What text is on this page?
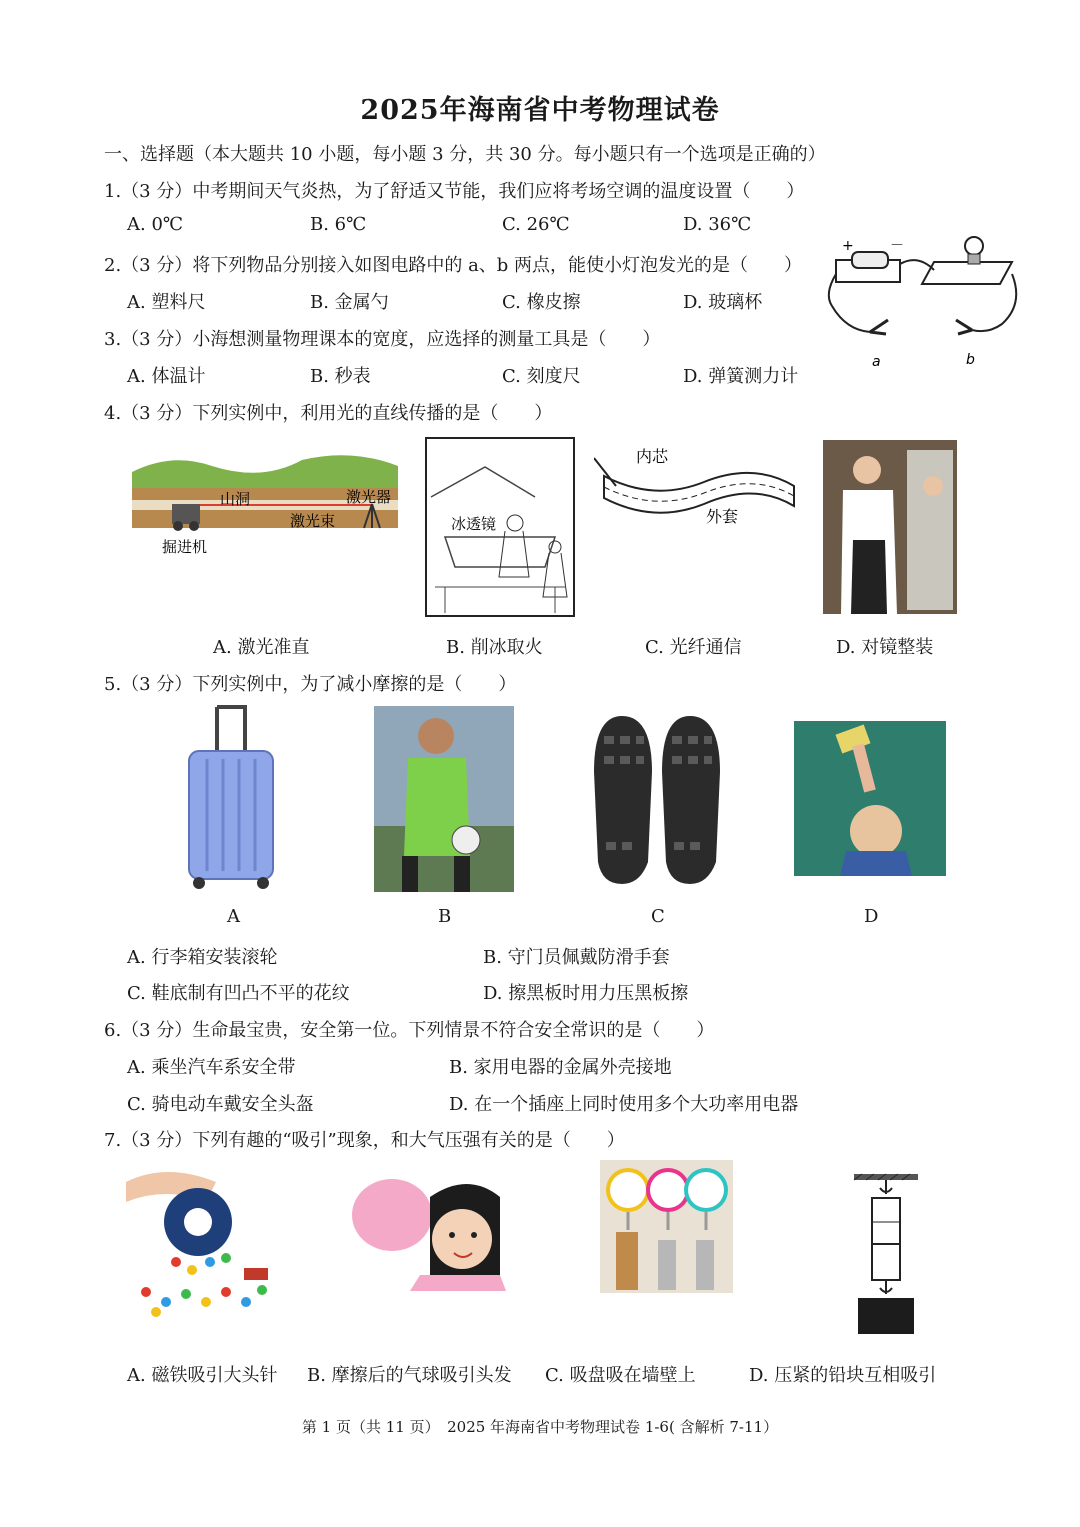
2025年海南省中考物理试卷
一、选择题（本大题共 10 小题，每小题 3 分，共 30 分。每小题只有一个选项是正确的）
1.（3 分）中考期间天气炎热，为了舒适又节能，我们应将考场空调的温度设置（　　）
A. 0℃	B. 6℃	C. 26℃	D. 36℃
2.（3 分）将下列物品分别接入如图电路中的 a、b 两点，能使小灯泡发光的是（　　）
A. 塑料尺	B. 金属勺	C. 橡皮擦	D. 玻璃杯
+	－
a	b
3.（3 分）小海想测量物理课本的宽度，应选择的测量工具是（　　）
A. 体温计	B. 秒表	C. 刻度尺	D. 弹簧测力计
4.（3 分）下列实例中，利用光的直线传播的是（　　）
山洞	激光器
激光束
掘进机
冰透镜
内芯
外套
A. 激光准直	B. 削冰取火	C. 光纤通信	D. 对镜整装
5.（3 分）下列实例中，为了减小摩擦的是（　　）
A	B	C	D
A. 行李箱安装滚轮	B. 守门员佩戴防滑手套
C. 鞋底制有凹凸不平的花纹	D. 擦黑板时用力压黑板擦
6.（3 分）生命最宝贵，安全第一位。下列情景不符合安全常识的是（　　）
A. 乘坐汽车系安全带	B. 家用电器的金属外壳接地
C. 骑电动车戴安全头盔	D. 在一个插座上同时使用多个大功率用电器
7.（3 分）下列有趣的“吸引”现象，和大气压强有关的是（　　）
A. 磁铁吸引大头针 B. 摩擦后的气球吸引头发 C. 吸盘吸在墙壁上	D. 压紧的铅块互相吸引
第 1 页（共 11 页）　2025 年海南省中考物理试卷 1-6( 含解析 7-11）
